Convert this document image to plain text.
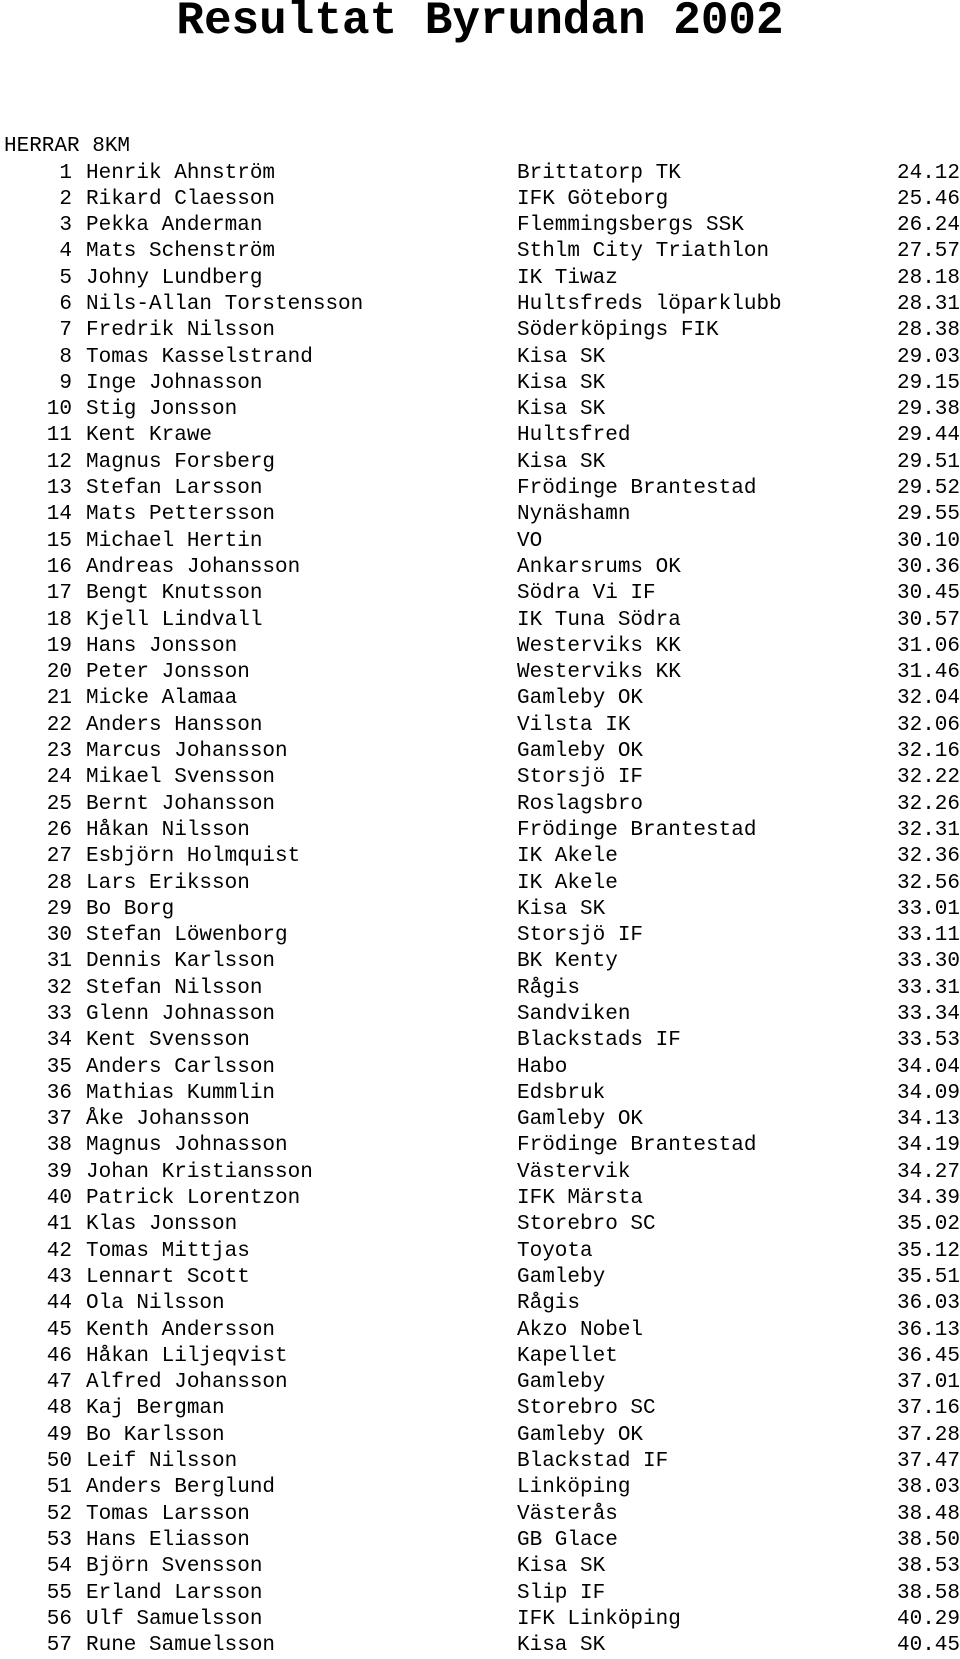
Resultat Byrundan 2002
HERRAR 8KM
1 Henrik Ahnström	Brittatorp TK	24.12
2 Rikard Claesson	IFK Göteborg	25.46
3 Pekka Anderman	Flemmingsbergs SSK	26.24
4 Mats Schenström	Sthlm City Triathlon	27.57
5 Johny Lundberg	IK Tiwaz	28.18
6 Nils-Allan Torstensson	Hultsfreds löparklubb	28.31
7 Fredrik Nilsson	Söderköpings FIK	28.38
8 Tomas Kasselstrand	Kisa SK	29.03
9 Inge Johnasson	Kisa SK	29.15
10 Stig Jonsson	Kisa SK	29.38
11 Kent Krawe	Hultsfred	29.44
12 Magnus Forsberg	Kisa SK	29.51
13 Stefan Larsson	Frödinge Brantestad	29.52
14 Mats Pettersson	Nynäshamn	29.55
15 Michael Hertin	VO	30.10
16 Andreas Johansson	Ankarsrums OK	30.36
17 Bengt Knutsson	Södra Vi IF	30.45
18 Kjell Lindvall	IK Tuna Södra	30.57
19 Hans Jonsson	Westerviks KK	31.06
20 Peter Jonsson	Westerviks KK	31.46
21 Micke Alamaa	Gamleby OK	32.04
22 Anders Hansson	Vilsta IK	32.06
23 Marcus Johansson	Gamleby OK	32.16
24 Mikael Svensson	Storsjö IF	32.22
25 Bernt Johansson	Roslagsbro	32.26
26 Håkan Nilsson	Frödinge Brantestad	32.31
27 Esbjörn Holmquist	IK Akele	32.36
28 Lars Eriksson	IK Akele	32.56
29 Bo Borg	Kisa SK	33.01
30 Stefan Löwenborg	Storsjö IF	33.11
31 Dennis Karlsson	BK Kenty	33.30
32 Stefan Nilsson	Rågis	33.31
33 Glenn Johnasson	Sandviken	33.34
34 Kent Svensson	Blackstads IF	33.53
35 Anders Carlsson	Habo	34.04
36 Mathias Kummlin	Edsbruk	34.09
37 Åke Johansson	Gamleby OK	34.13
38 Magnus Johnasson	Frödinge Brantestad	34.19
39 Johan Kristiansson	Västervik	34.27
40 Patrick Lorentzon	IFK Märsta	34.39
41 Klas Jonsson	Storebro SC	35.02
42 Tomas Mittjas	Toyota	35.12
43 Lennart Scott	Gamleby	35.51
44 Ola Nilsson	Rågis	36.03
45 Kenth Andersson	Akzo Nobel	36.13
46 Håkan Liljeqvist	Kapellet	36.45
47 Alfred Johansson	Gamleby	37.01
48 Kaj Bergman	Storebro SC	37.16
49 Bo Karlsson	Gamleby OK	37.28
50 Leif Nilsson	Blackstad IF	37.47
51 Anders Berglund	Linköping	38.03
52 Tomas Larsson	Västerås	38.48
53 Hans Eliasson	GB Glace	38.50
54 Björn Svensson	Kisa SK	38.53
55 Erland Larsson	Slip IF	38.58
56 Ulf Samuelsson	IFK Linköping	40.29
57 Rune Samuelsson	Kisa SK	40.45
